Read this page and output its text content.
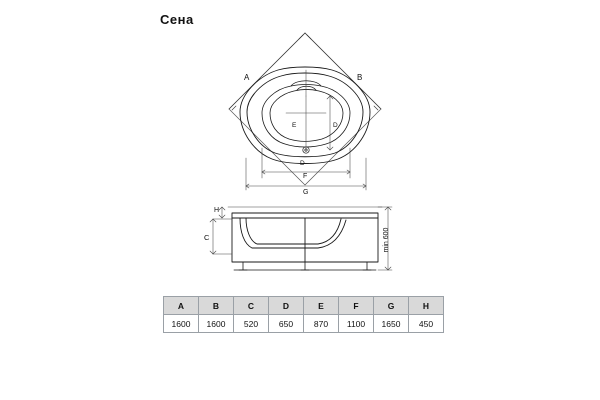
Сена
A	B
D
E	D
F
G
C
H
min 600
A	B	C	D	E	F	G	H
1600	1600	520	650	870	1100	1650	450
